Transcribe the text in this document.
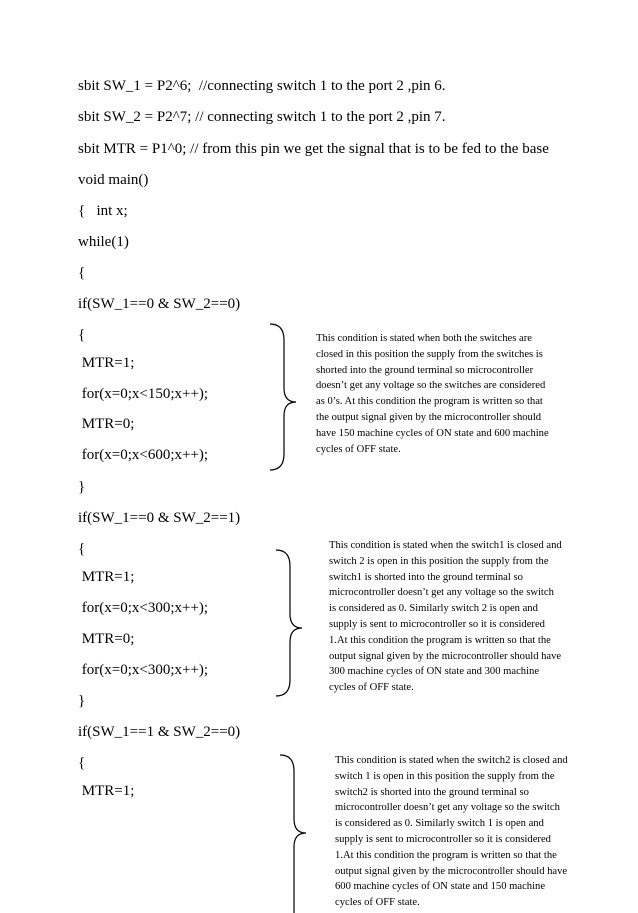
sbit SW_1 = P2^6;  //connecting switch 1 to the port 2 ,pin 6.
sbit SW_2 = P2^7; // connecting switch 1 to the port 2 ,pin 7.
sbit MTR = P1^0; // from this pin we get the signal that is to be fed to the base
void main()
{   int x;
while(1)
{
if(SW_1==0 & SW_2==0)
{
MTR=1;
for(x=0;x<150;x++);
MTR=0;
for(x=0;x<600;x++);
}
if(SW_1==0 & SW_2==1)
{
MTR=1;
for(x=0;x<300;x++);
MTR=0;
for(x=0;x<300;x++);
}
if(SW_1==1 & SW_2==0)
{
MTR=1;
This condition is stated when both the switches are
closed in this position the supply from the switches is
shorted into the ground terminal so microcontroller
doesn’t get any voltage so the switches are considered
as 0’s. At this condition the program is written so that
the output signal given by the microcontroller should
have 150 machine cycles of ON state and 600 machine
cycles of OFF state.
This condition is stated when the switch1 is closed and
switch 2 is open in this position the supply from the
switch1 is shorted into the ground terminal so
microcontroller doesn’t get any voltage so the switch
is considered as 0. Similarly switch 2 is open and
supply is sent to microcontroller so it is considered
1.At this condition the program is written so that the
output signal given by the microcontroller should have
300 machine cycles of ON state and 300 machine
cycles of OFF state.
This condition is stated when the switch2 is closed and
switch 1 is open in this position the supply from the
switch2 is shorted into the ground terminal so
microcontroller doesn’t get any voltage so the switch
is considered as 0. Similarly switch 1 is open and
supply is sent to microcontroller so it is considered
1.At this condition the program is written so that the
output signal given by the microcontroller should have
600 machine cycles of ON state and 150 machine
cycles of OFF state.
